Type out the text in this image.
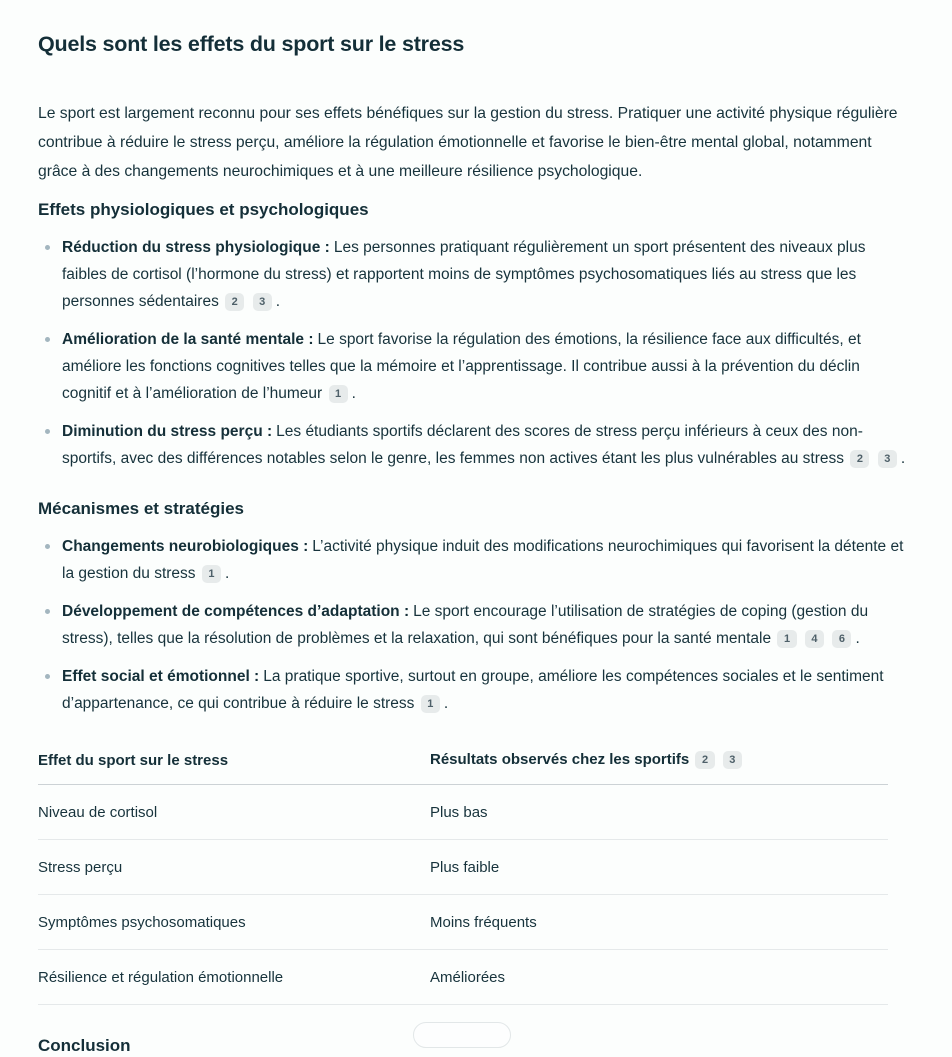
Quels sont les effets du sport sur le stress

Le sport est largement reconnu pour ses effets bénéfiques sur la gestion du stress. Pratiquer une activité physique régulière contribue à réduire le stress perçu, améliore la régulation émotionnelle et favorise le bien-être mental global, notamment grâce à des changements neurochimiques et à une meilleure résilience psychologique.

Effets physiologiques et psychologiques
Réduction du stress physiologique : Les personnes pratiquant régulièrement un sport présentent des niveaux plus faibles de cortisol (l’hormone du stress) et rapportent moins de symptômes psychosomatiques liés au stress que les personnes sédentaires 2 3 .
Amélioration de la santé mentale : Le sport favorise la régulation des émotions, la résilience face aux difficultés, et améliore les fonctions cognitives telles que la mémoire et l’apprentissage. Il contribue aussi à la prévention du déclin cognitif et à l’amélioration de l’humeur 1 .
Diminution du stress perçu : Les étudiants sportifs déclarent des scores de stress perçu inférieurs à ceux des non-sportifs, avec des différences notables selon le genre, les femmes non actives étant les plus vulnérables au stress 2 3 .
Mécanismes et stratégies
Changements neurobiologiques : L’activité physique induit des modifications neurochimiques qui favorisent la détente et la gestion du stress 1 .
Développement de compétences d’adaptation : Le sport encourage l’utilisation de stratégies de coping (gestion du stress), telles que la résolution de problèmes et la relaxation, qui sont bénéfiques pour la santé mentale 1 4 6 .
Effet social et émotionnel : La pratique sportive, surtout en groupe, améliore les compétences sociales et le sentiment d’appartenance, ce qui contribue à réduire le stress 1 .
Effet du sport sur le stress	Résultats observés chez les sportifs 2 3
Niveau de cortisol	Plus bas
Stress perçu	Plus faible
Symptômes psychosomatiques	Moins fréquents
Résilience et régulation émotionnelle	Améliorées
Conclusion
